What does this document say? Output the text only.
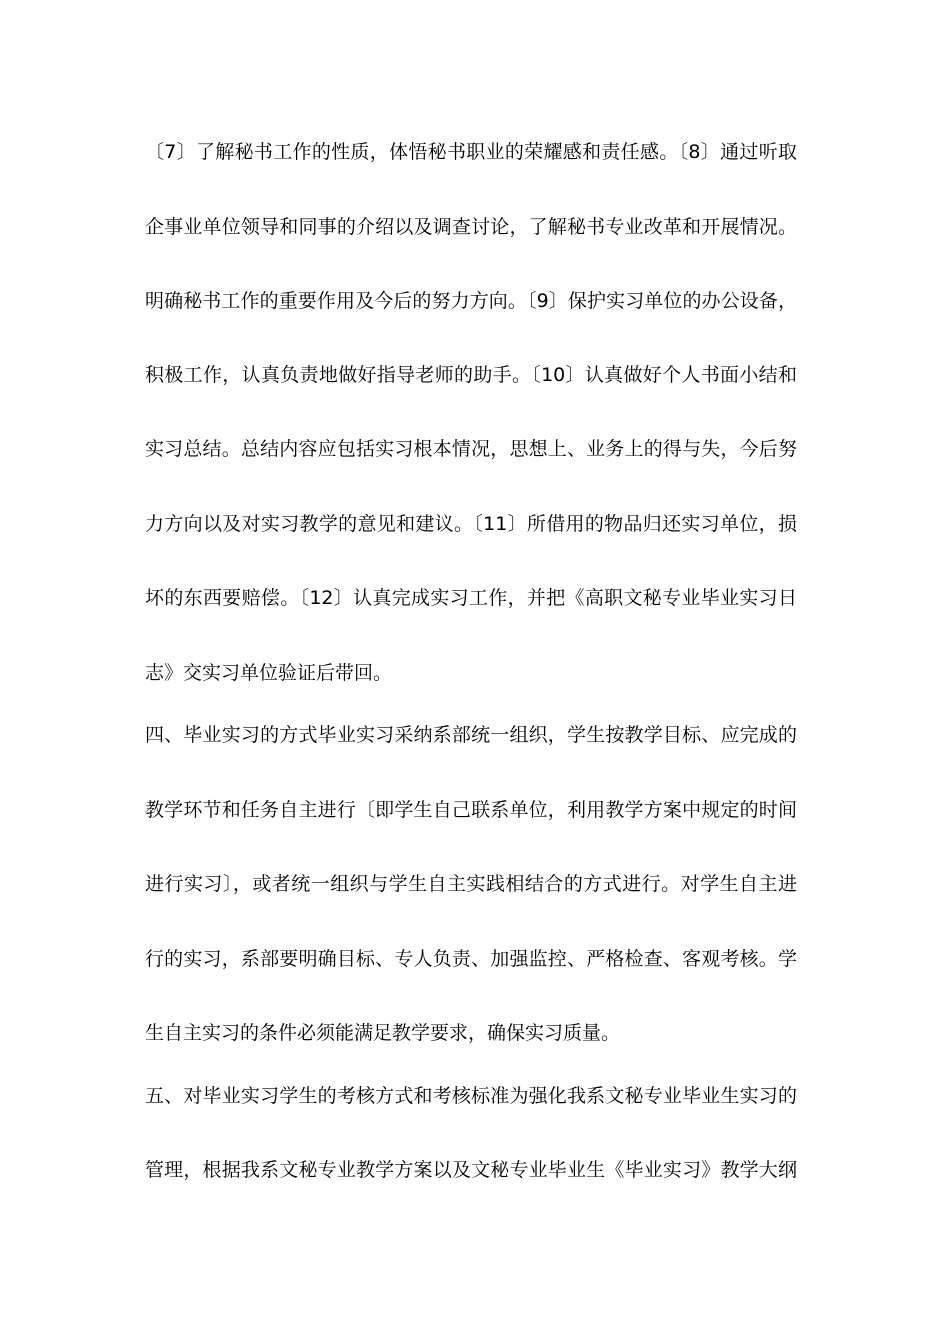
〔7〕了解秘书工作的性质，体悟秘书职业的荣耀感和责任感。〔8〕通过听取
企事业单位领导和同事的介绍以及调查讨论，了解秘书专业改革和开展情况。
明确秘书工作的重要作用及今后的努力方向。〔9〕保护实习单位的办公设备，
积极工作，认真负责地做好指导老师的助手。〔10〕认真做好个人书面小结和
实习总结。总结内容应包括实习根本情况，思想上、业务上的得与失，今后努
力方向以及对实习教学的意见和建议。〔11〕所借用的物品归还实习单位，损
坏的东西要赔偿。〔12〕认真完成实习工作，并把《高职文秘专业毕业实习日
志》交实习单位验证后带回。
四、毕业实习的方式毕业实习采纳系部统一组织，学生按教学目标、应完成的
教学环节和任务自主进行〔即学生自己联系单位，利用教学方案中规定的时间
进行实习〕，或者统一组织与学生自主实践相结合的方式进行。对学生自主进
行的实习，系部要明确目标、专人负责、加强监控、严格检查、客观考核。学
生自主实习的条件必须能满足教学要求，确保实习质量。
五、对毕业实习学生的考核方式和考核标准为强化我系文秘专业毕业生实习的
管理，根据我系文秘专业教学方案以及文秘专业毕业生《毕业实习》教学大纲
